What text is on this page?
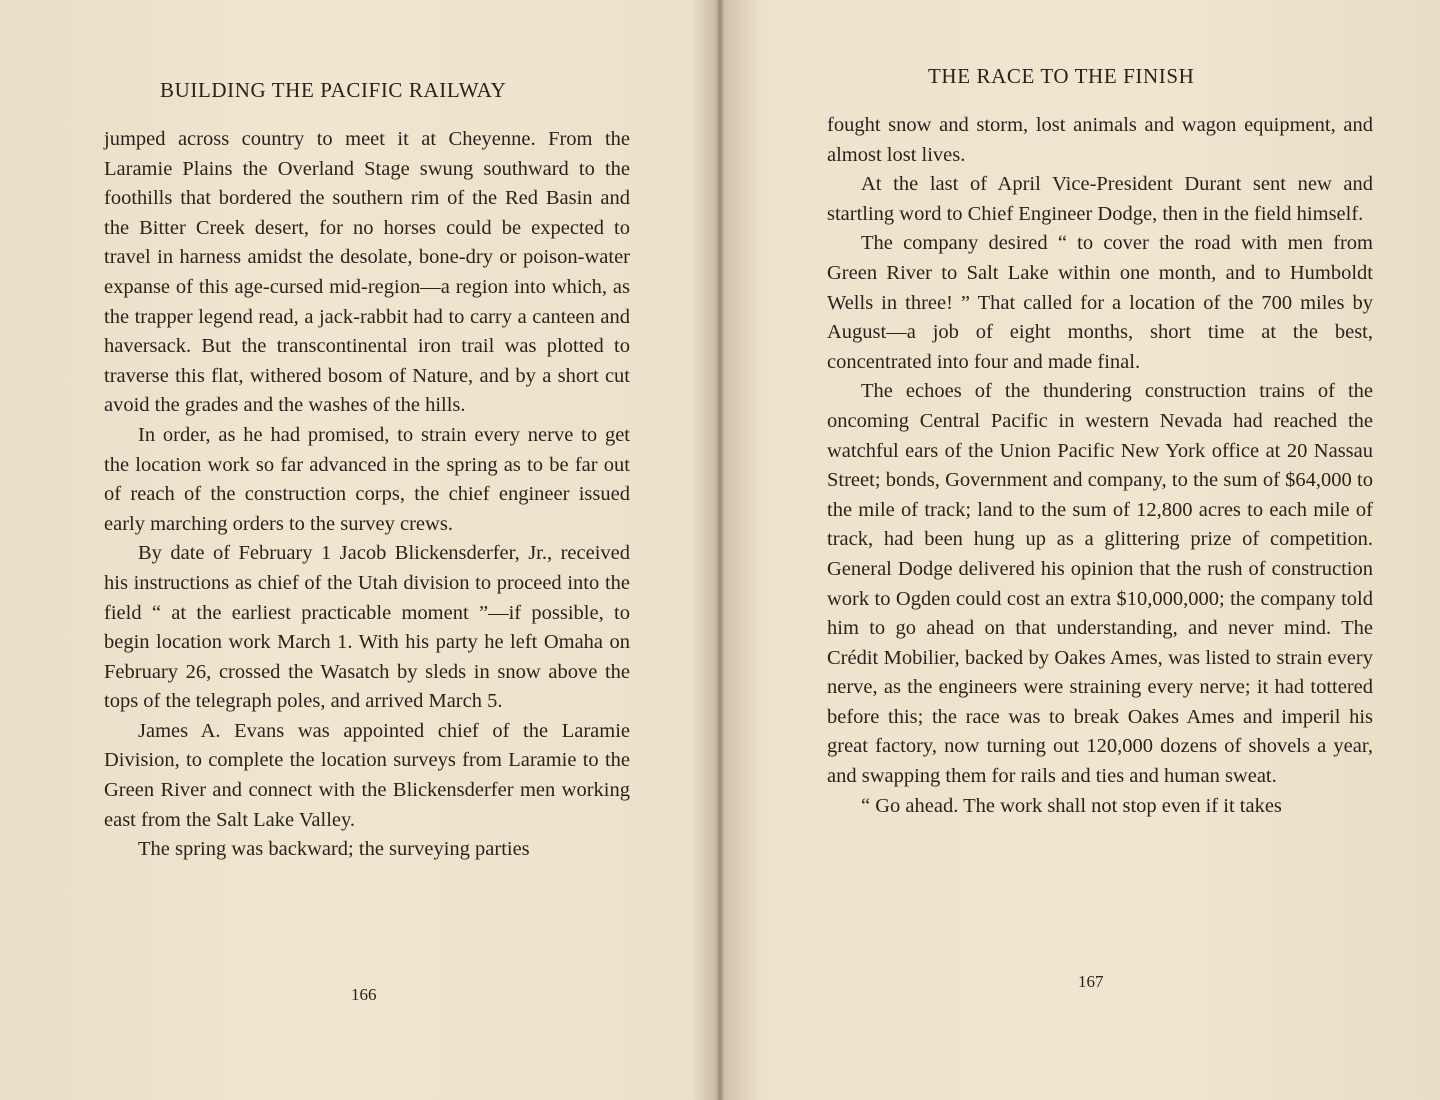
BUILDING THE PACIFIC RAILWAY

jumped across country to meet it at Cheyenne. From the Laramie Plains the Overland Stage swung southward to the foothills that bordered the southern rim of the Red Basin and the Bitter Creek desert, for no horses could be expected to travel in harness amidst the desolate, bone-dry or poison-water expanse of this age-cursed mid-region—a region into which, as the trapper legend read, a jack-rabbit had to carry a canteen and haversack. But the transcontinental iron trail was plotted to traverse this flat, withered bosom of Nature, and by a short cut avoid the grades and the washes of the hills.

In order, as he had promised, to strain every nerve to get the location work so far advanced in the spring as to be far out of reach of the construction corps, the chief engineer issued early marching orders to the survey crews.

By date of February 1 Jacob Blickensderfer, Jr., received his instructions as chief of the Utah division to proceed into the field “ at the earliest practicable moment ”—if possible, to begin location work March 1. With his party he left Omaha on February 26, crossed the Wasatch by sleds in snow above the tops of the telegraph poles, and arrived March 5.

James A. Evans was appointed chief of the Laramie Division, to complete the location surveys from Laramie to the Green River and connect with the Blickensderfer men working east from the Salt Lake Valley.

The spring was backward; the surveying parties

166
THE RACE TO THE FINISH

fought snow and storm, lost animals and wagon equipment, and almost lost lives.

At the last of April Vice-President Durant sent new and startling word to Chief Engineer Dodge, then in the field himself.

The company desired “ to cover the road with men from Green River to Salt Lake within one month, and to Humboldt Wells in three! ” That called for a location of the 700 miles by August—a job of eight months, short time at the best, concentrated into four and made final.

The echoes of the thundering construction trains of the oncoming Central Pacific in western Nevada had reached the watchful ears of the Union Pacific New York office at 20 Nassau Street; bonds, Government and company, to the sum of $64,000 to the mile of track; land to the sum of 12,800 acres to each mile of track, had been hung up as a glittering prize of competition. General Dodge delivered his opinion that the rush of construction work to Ogden could cost an extra $10,000,000; the company told him to go ahead on that understanding, and never mind. The Crédit Mobilier, backed by Oakes Ames, was listed to strain every nerve, as the engineers were straining every nerve; it had tottered before this; the race was to break Oakes Ames and imperil his great factory, now turning out 120,000 dozens of shovels a year, and swapping them for rails and ties and human sweat.

“ Go ahead. The work shall not stop even if it takes

167
